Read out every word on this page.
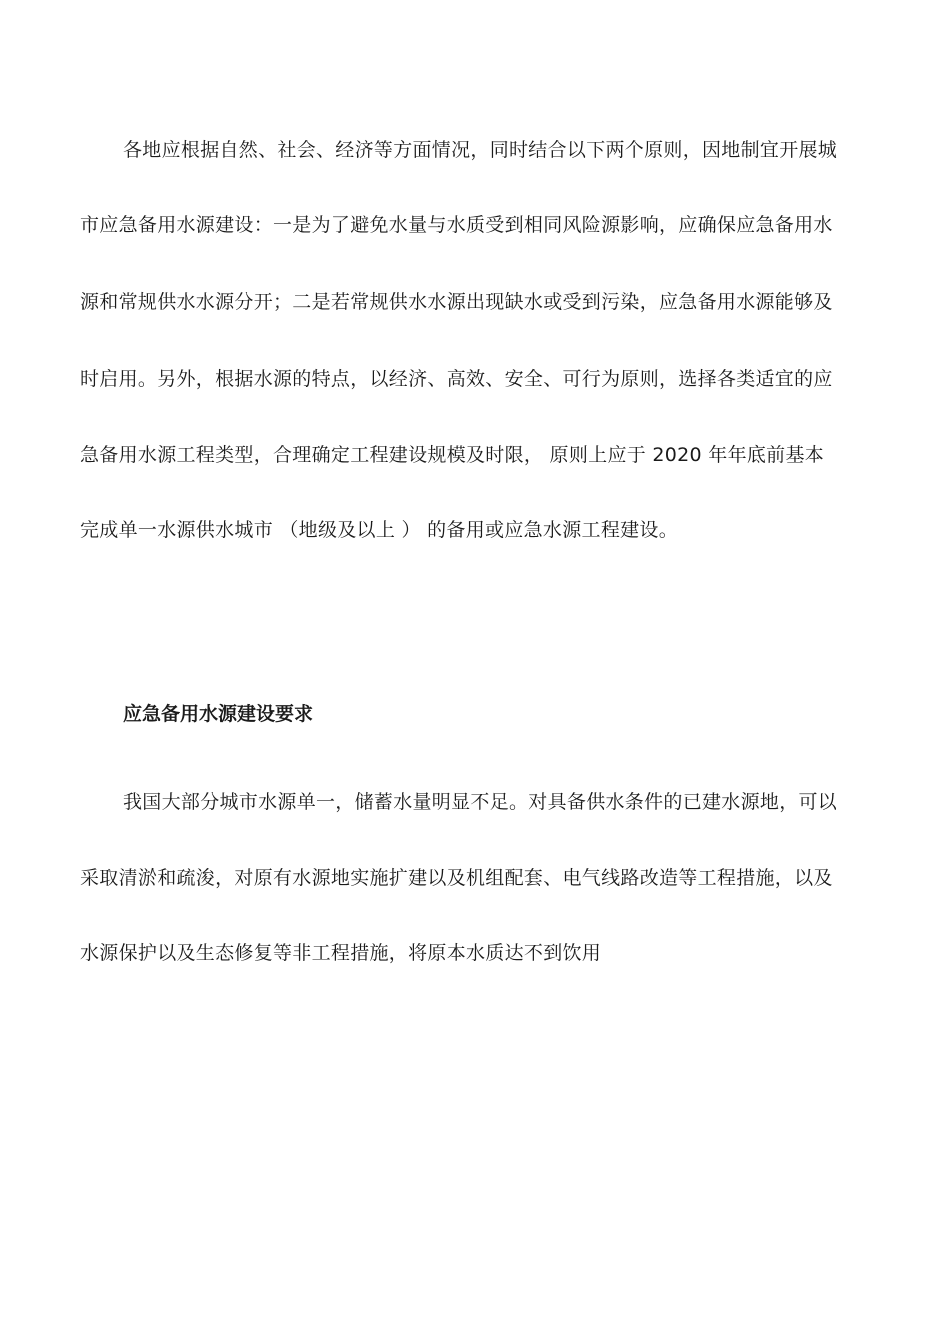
各地应根据自然、社会、经济等方面情况，同时结合以下两个原则，因地制宜开展城
市应急备用水源建设：一是为了避免水量与水质受到相同风险源影响，应确保应急备用水
源和常规供水水源分开；二是若常规供水水源出现缺水或受到污染，应急备用水源能够及
时启用。另外，根据水源的特点，以经济、高效、安全、可行为原则，选择各类适宜的应
急备用水源工程类型，合理确定工程建设规模及时限， 原则上应于 2020 年年底前基本
完成单一水源供水城市 （地级及以上 ） 的备用或应急水源工程建设。
应急备用水源建设要求
我国大部分城市水源单一，储蓄水量明显不足。对具备供水条件的已建水源地，可以
采取清淤和疏浚，对原有水源地实施扩建以及机组配套、电气线路改造等工程措施，以及
水源保护以及生态修复等非工程措施，将原本水质达不到饮用
